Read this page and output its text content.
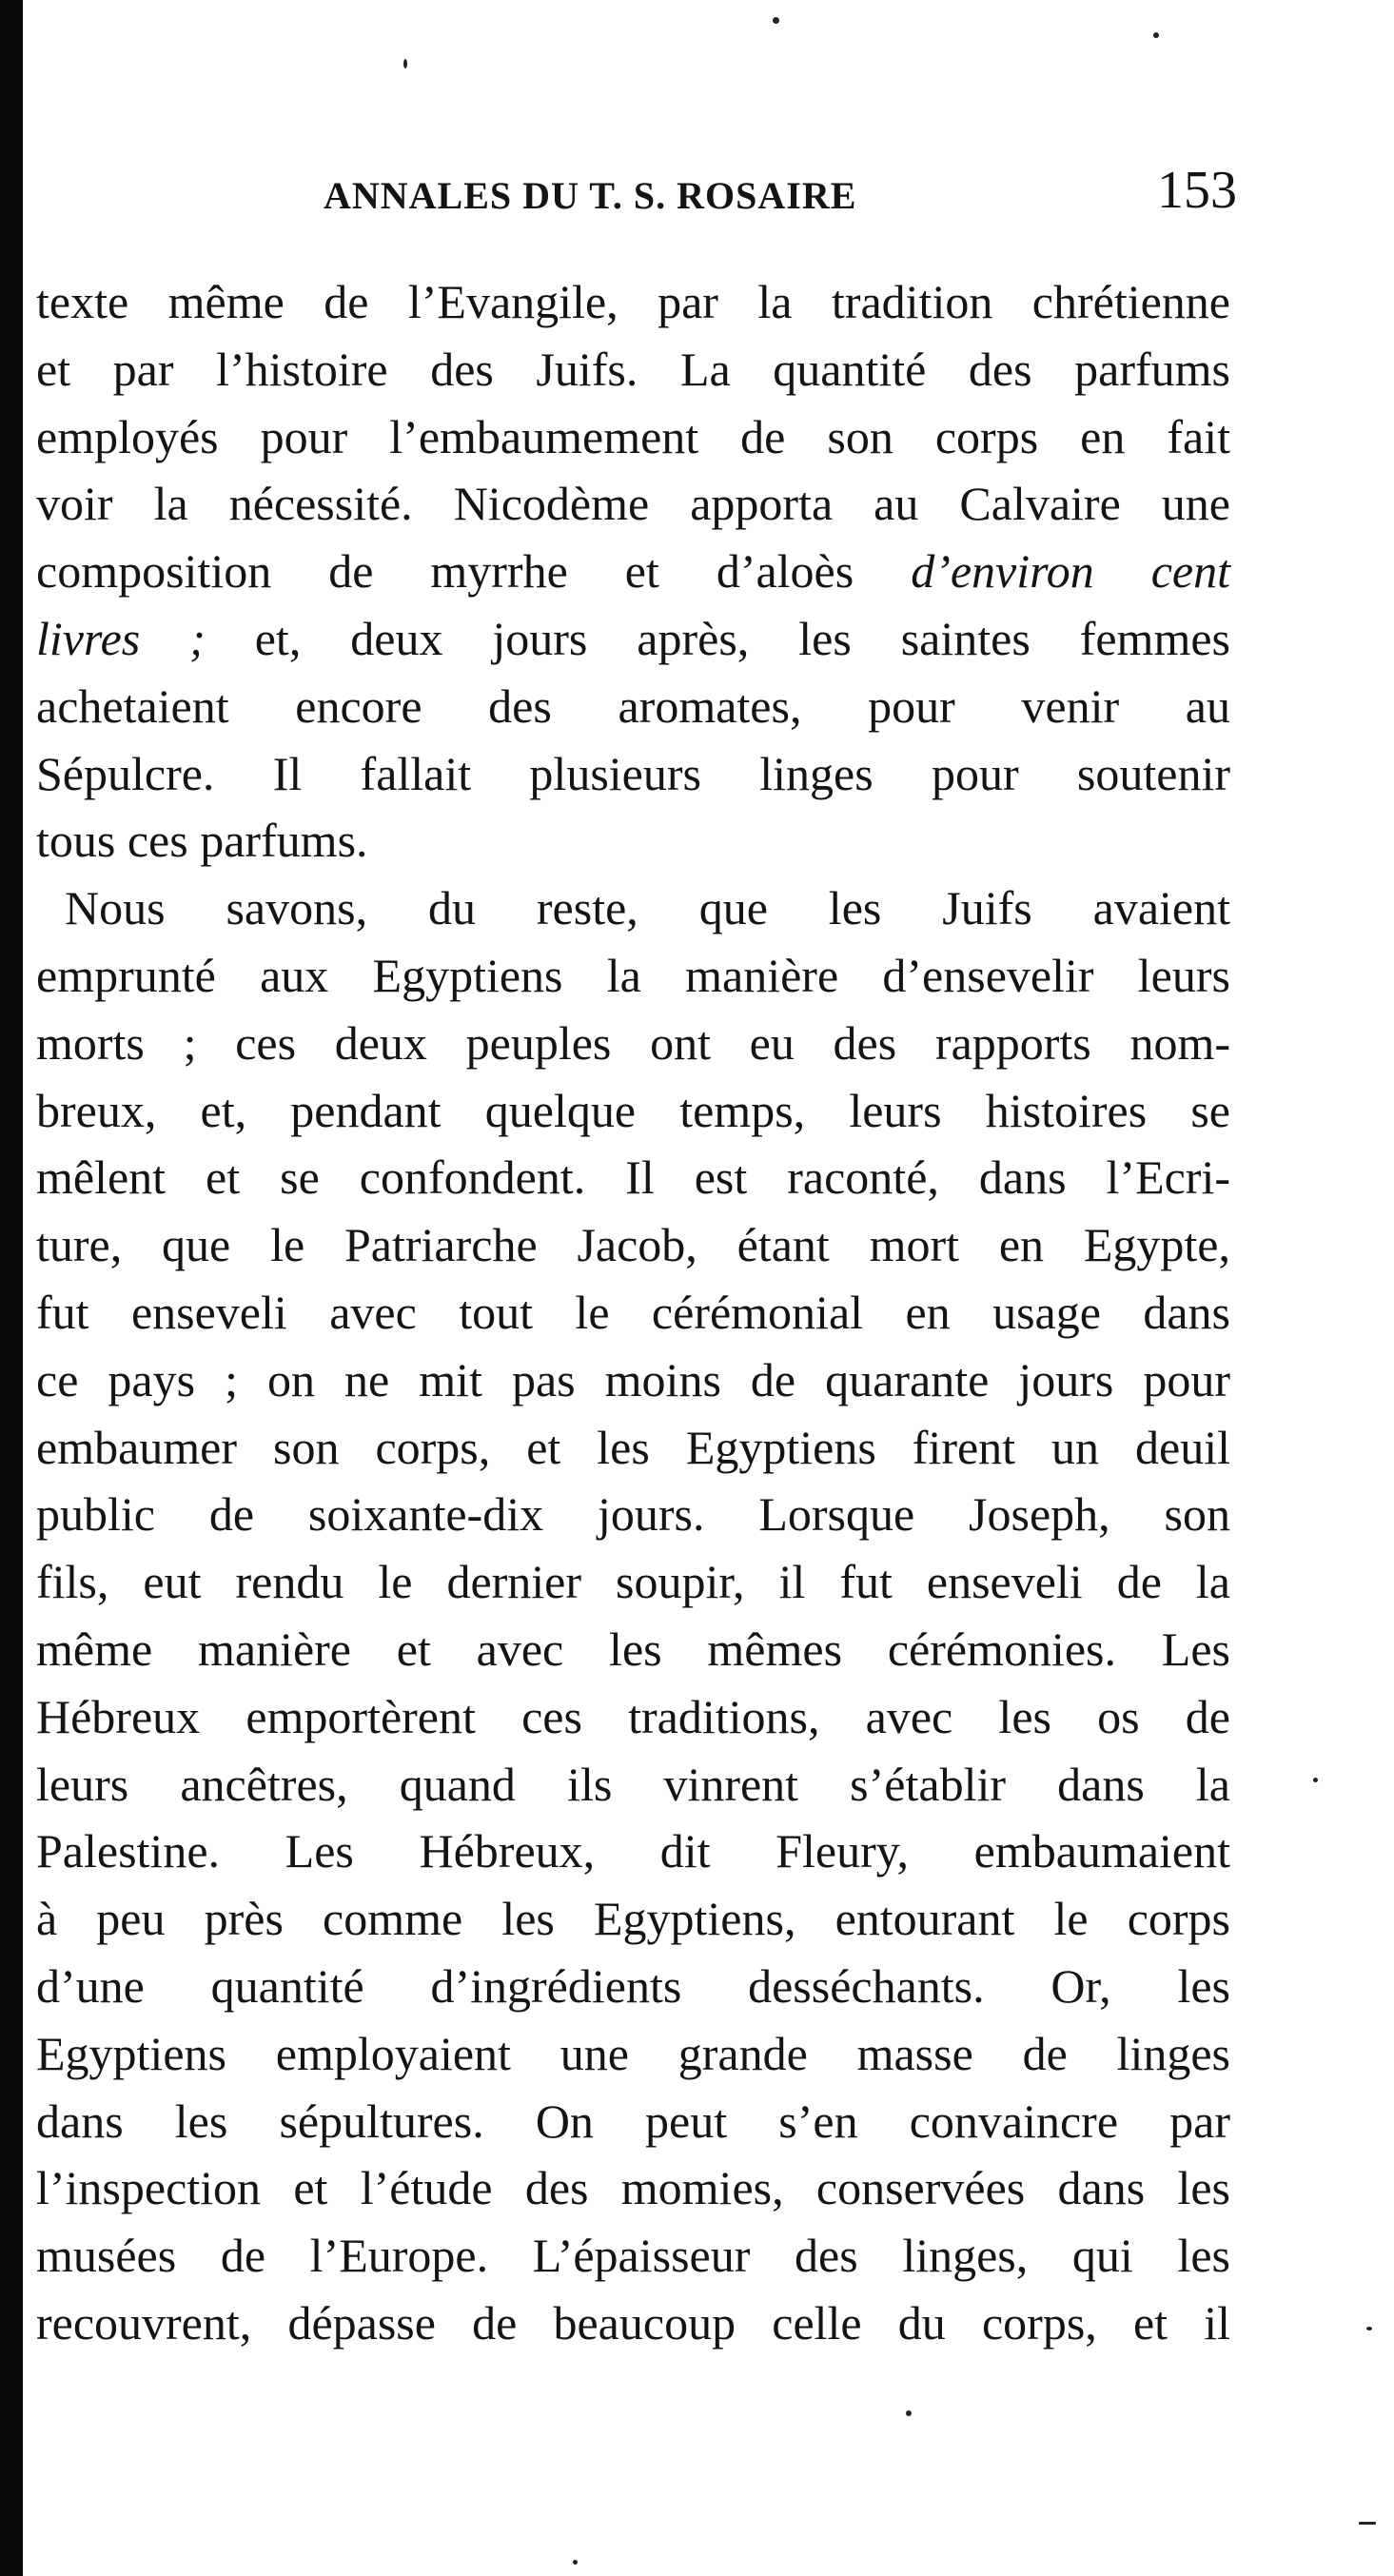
ANNALES DU T. S. ROSAIRE	153
texte même de l’Evangile, par la tradition chrétienne
et par l’histoire des Juifs. La quantité des parfums
employés pour l’embaumement de son corps en fait
voir la nécessité. Nicodème apporta au Calvaire une
composition de myrrhe et d’aloès d’environ cent
livres ; et, deux jours après, les saintes femmes
achetaient encore des aromates, pour venir au
Sépulcre. Il fallait plusieurs linges pour soutenir
tous ces parfums.
Nous savons, du reste, que les Juifs avaient
emprunté aux Egyptiens la manière d’ensevelir leurs
morts ; ces deux peuples ont eu des rapports nom-
breux, et, pendant quelque temps, leurs histoires se
mêlent et se confondent. Il est raconté, dans l’Ecri-
ture, que le Patriarche Jacob, étant mort en Egypte,
fut enseveli avec tout le cérémonial en usage dans
ce pays ; on ne mit pas moins de quarante jours pour
embaumer son corps, et les Egyptiens firent un deuil
public de soixante-dix jours. Lorsque Joseph, son
fils, eut rendu le dernier soupir, il fut enseveli de la
même manière et avec les mêmes cérémonies. Les
Hébreux emportèrent ces traditions, avec les os de
leurs ancêtres, quand ils vinrent s’établir dans la
Palestine. Les Hébreux, dit Fleury, embaumaient
à peu près comme les Egyptiens, entourant le corps
d’une quantité d’ingrédients desséchants. Or, les
Egyptiens employaient une grande masse de linges
dans les sépultures. On peut s’en convaincre par
l’inspection et l’étude des momies, conservées dans les
musées de l’Europe. L’épaisseur des linges, qui les
recouvrent, dépasse de beaucoup celle du corps, et il
